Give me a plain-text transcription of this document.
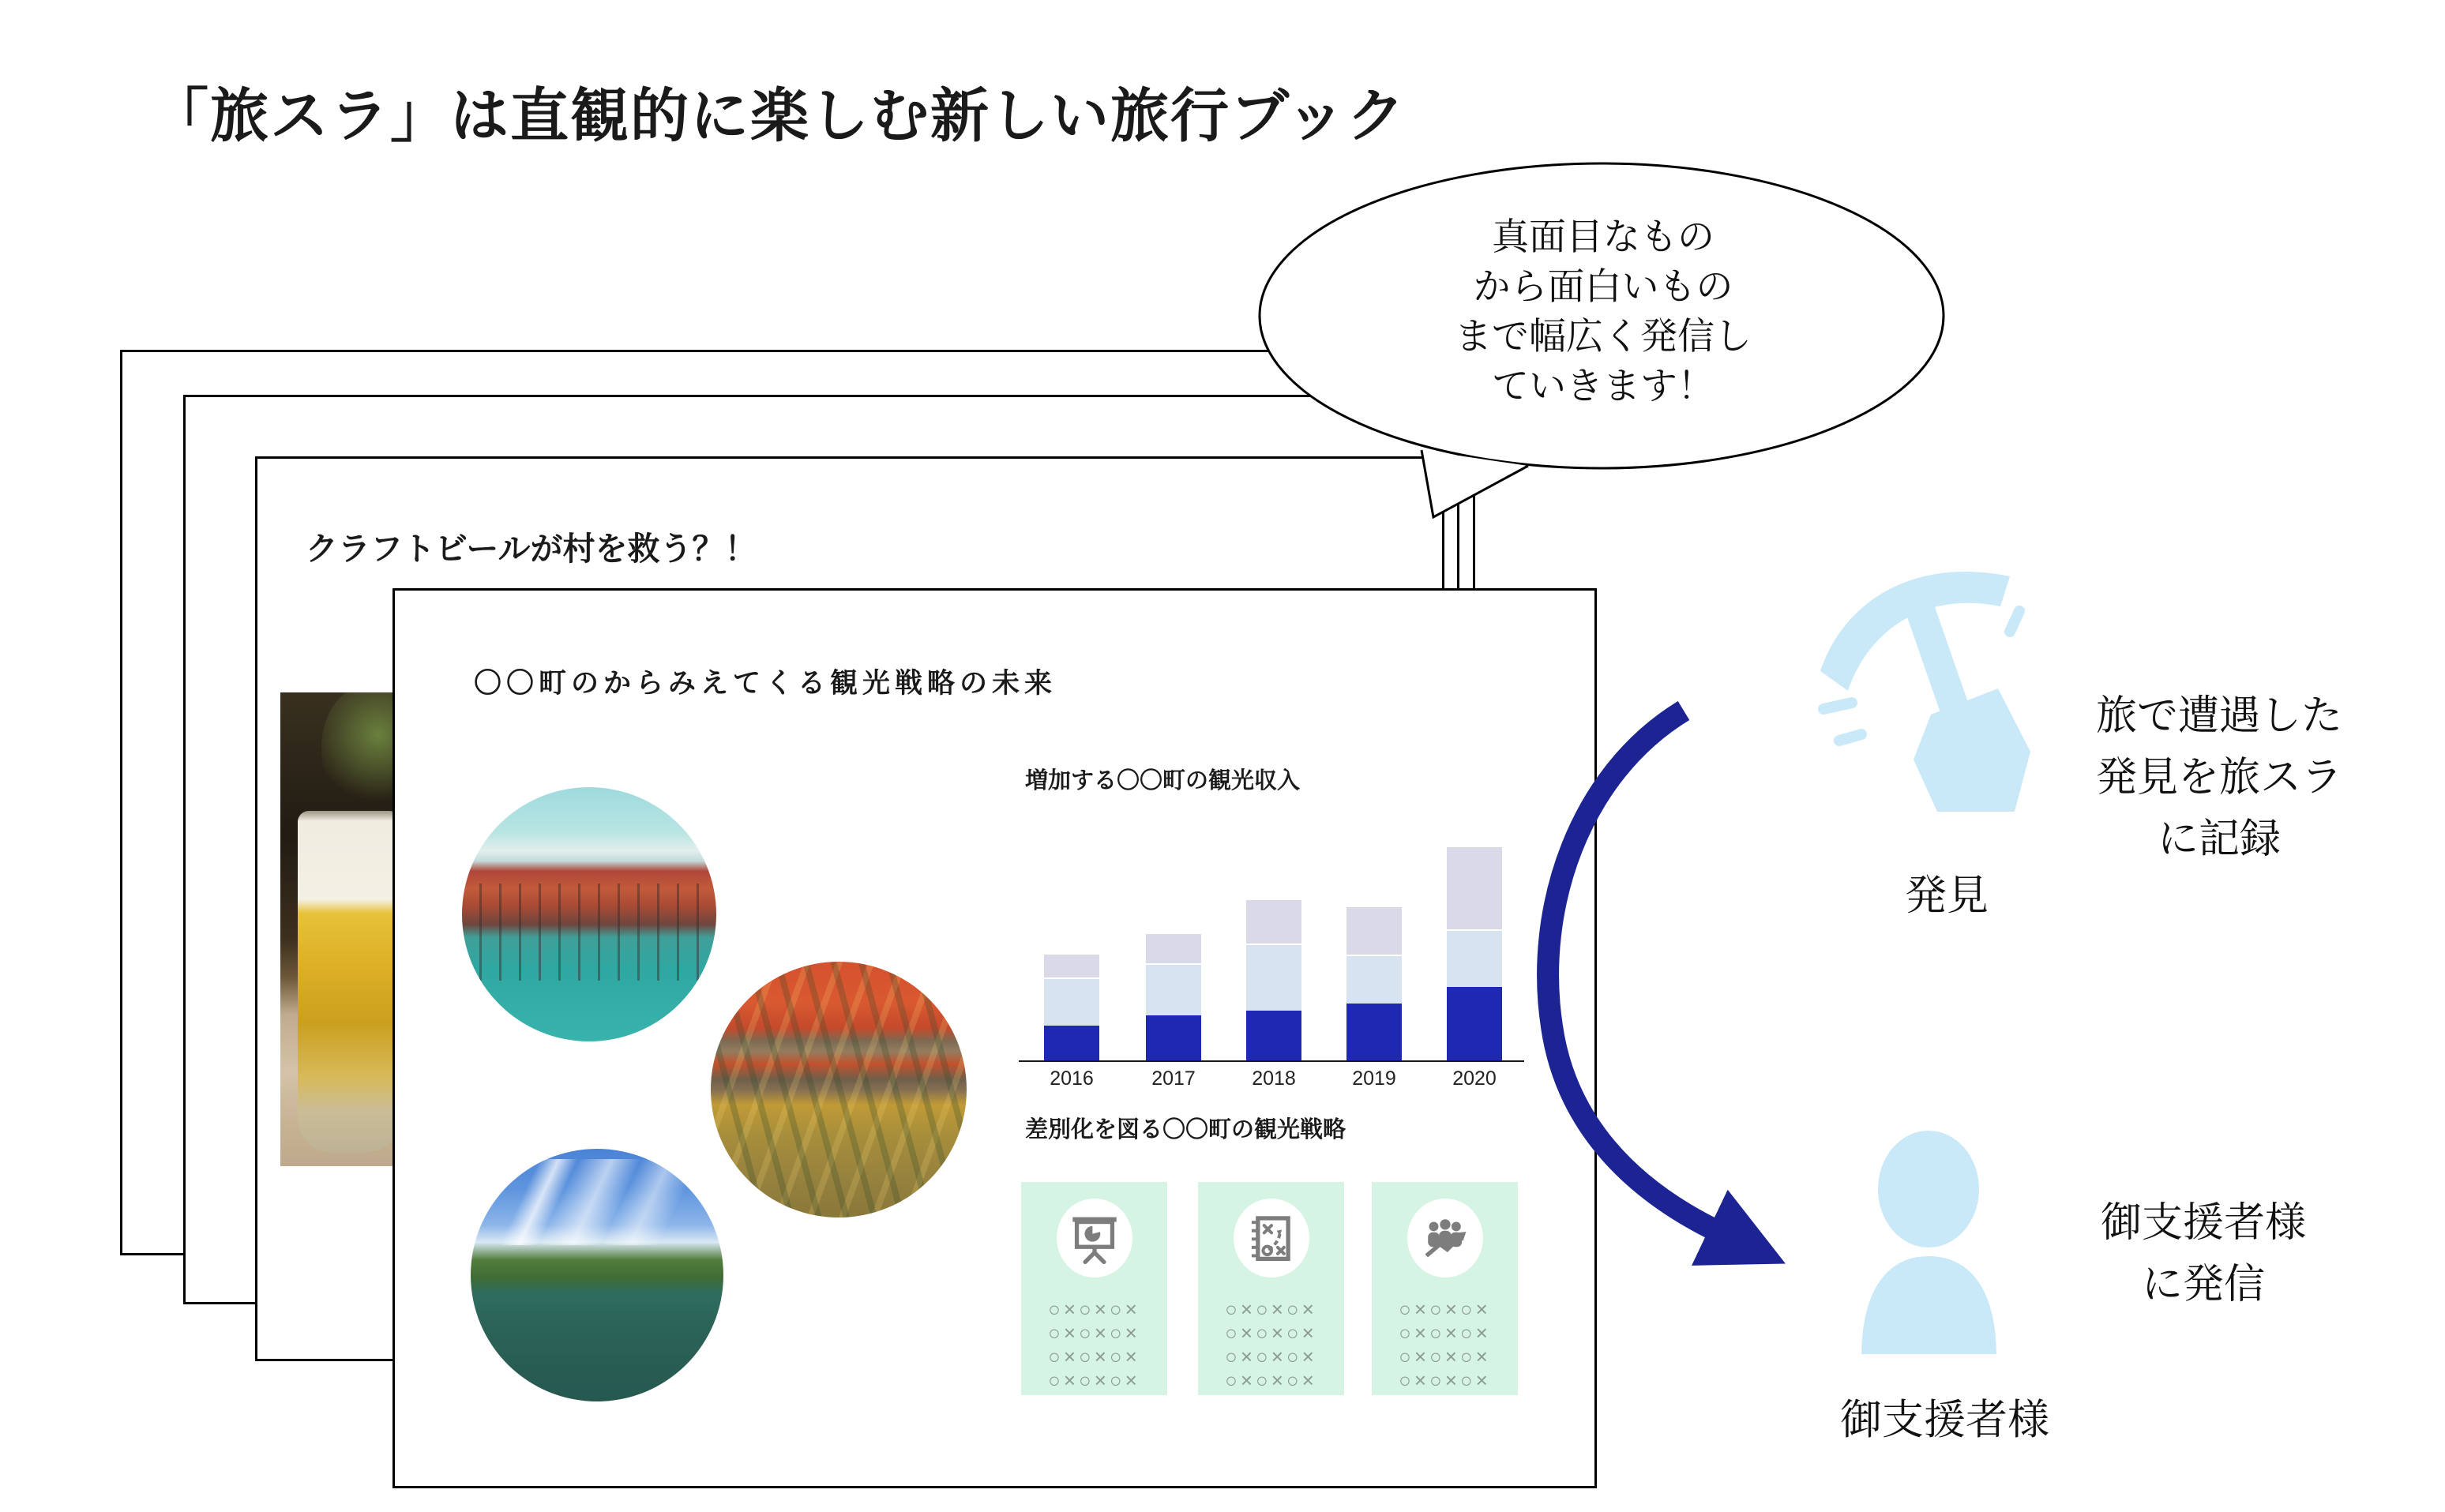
「旅スラ」は直観的に楽しむ新しい旅行ブック
クラフトビールが村を救う？！
〇〇町のからみえてくる観光戦略の未来
増加する〇〇町の観光収入
2016	2017	2018	2019	2020
差別化を図る〇〇町の観光戦略
○×○×○×
○×○×○×
○×○×○×
○×○×○×
○×○×○×
○×○×○×
○×○×○×
○×○×○×
○×○×○×
○×○×○×
○×○×○×
○×○×○×
真面目なもの
から面白いもの
まで幅広く発信し
ていきます！
発見
旅で遭遇した
発見を旅スラ
に記録
御支援者様
御支援者様
に発信
